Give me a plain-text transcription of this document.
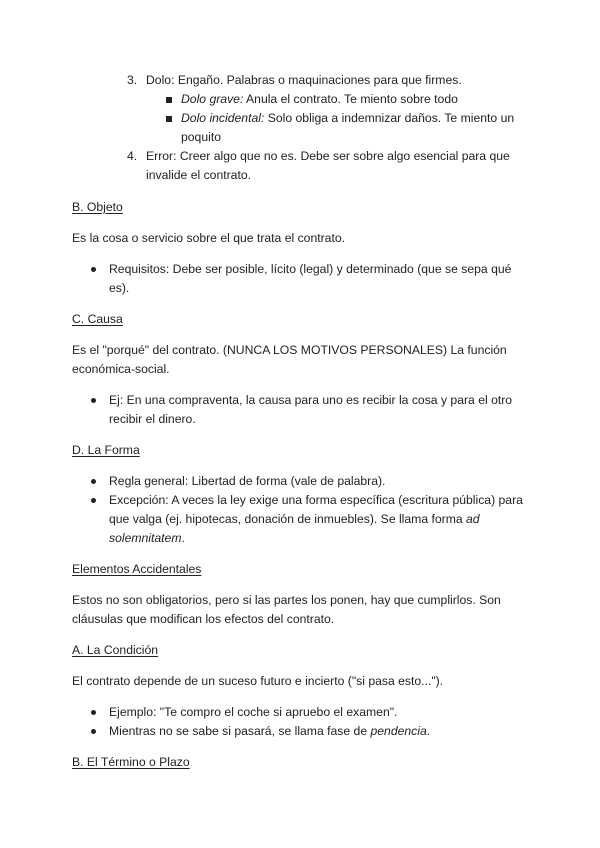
3. Dolo: Engaño. Palabras o maquinaciones para que firmes.
Dolo grave: Anula el contrato. Te miento sobre todo
Dolo incidental: Solo obliga a indemnizar daños. Te miento un
poquito
4. Error: Creer algo que no es. Debe ser sobre algo esencial para que
invalide el contrato.
B. Objeto
Es la cosa o servicio sobre el que trata el contrato.
Requisitos: Debe ser posible, lícito (legal) y determinado (que se sepa qué
es).
C. Causa
Es el "porqué" del contrato. (NUNCA LOS MOTIVOS PERSONALES) La función
económica-social.
Ej: En una compraventa, la causa para uno es recibir la cosa y para el otro
recibir el dinero.
D. La Forma
Regla general: Libertad de forma (vale de palabra).
Excepción: A veces la ley exige una forma específica (escritura pública) para
que valga (ej. hipotecas, donación de inmuebles). Se llama forma ad
solemnitatem.
Elementos Accidentales
Estos no son obligatorios, pero si las partes los ponen, hay que cumplirlos. Son
cláusulas que modifican los efectos del contrato.
A. La Condición
El contrato depende de un suceso futuro e incierto ("si pasa esto...").
Ejemplo: "Te compro el coche si apruebo el examen".
Mientras no se sabe si pasará, se llama fase de pendencia.
B. El Término o Plazo
